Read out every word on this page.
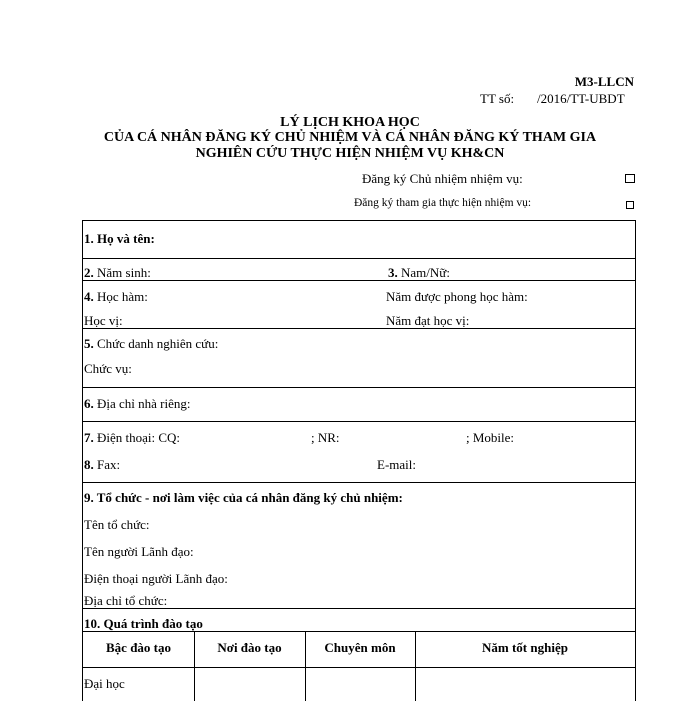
M3-LLCN
TT số: /2016/TT-UBDT
LÝ LỊCH KHOA HỌC
CỦA CÁ NHÂN ĐĂNG KÝ CHỦ NHIỆM VÀ CÁ NHÂN ĐĂNG KÝ THAM GIA
NGHIÊN CỨU THỰC HIỆN NHIỆM VỤ KH&CN
Đăng ký Chủ nhiệm nhiệm vụ:
Đăng ký tham gia thực hiện nhiệm vụ:
1. Họ và tên:
2. Năm sinh:	3. Nam/Nữ:
4. Học hàm:	Năm được phong học hàm:
Học vị:	Năm đạt học vị:
5. Chức danh nghiên cứu:
Chức vụ:
6. Địa chỉ nhà riêng:
7. Điện thoại: CQ:	; NR:	; Mobile:
8. Fax:	E-mail:
9. Tổ chức - nơi làm việc của cá nhân đăng ký chủ nhiệm:
Tên tổ chức:
Tên người Lãnh đạo:
Điện thoại người Lãnh đạo:
Địa chỉ tổ chức:
10. Quá trình đào tạo
Bậc đào tạo	Nơi đào tạo	Chuyên môn	Năm tốt nghiệp
Đại học
